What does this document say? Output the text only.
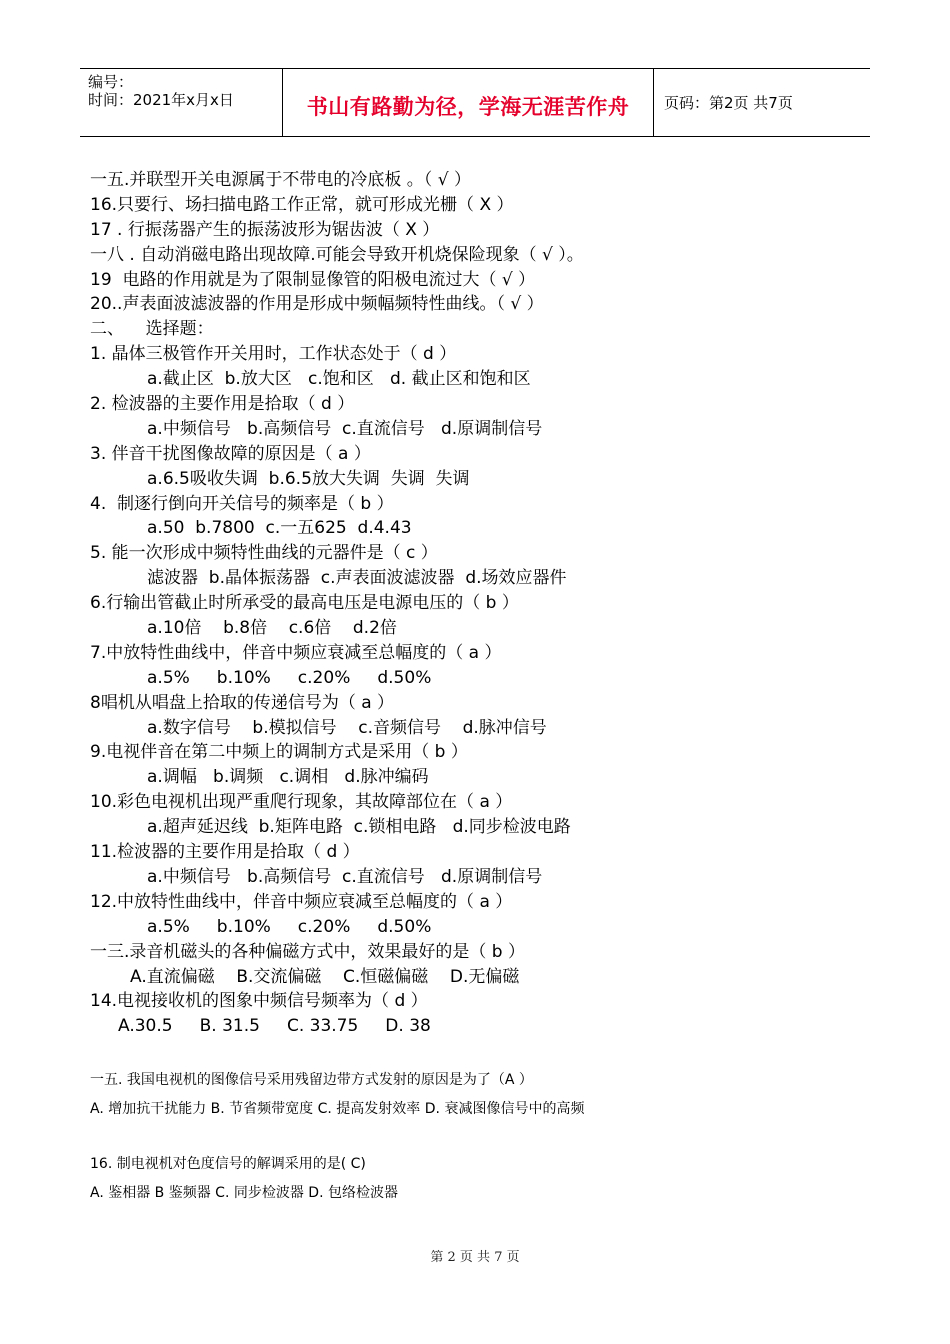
编号：
时间：2021年x月x日	书山有路勤为径，学海无涯苦作舟 页码：第2页 共7页
一五.并联型开关电源属于不带电的冷底板 。（ √ ）
16.只要行、场扫描电路工作正常，就可形成光栅（ X ）
17 . 行振荡器产生的振荡波形为锯齿波（ X ）
一八 . 自动消磁电路出现故障.可能会导致开机烧保险现象（ √ ）。
19  电路的作用就是为了限制显像管的阳极电流过大（ √ ）
20..声表面波滤波器的作用是形成中频幅频特性曲线。（ √ ）
二、    选择题：
1. 晶体三极管作开关用时，工作状态处于（ d ）
a.截止区  b.放大区   c.饱和区   d. 截止区和饱和区
2. 检波器的主要作用是拾取（ d ）
a.中频信号   b.高频信号  c.直流信号   d.原调制信号
3. 伴音干扰图像故障的原因是（ a ）
a.6.5吸收失调  b.6.5放大失调  失调  失调
4.  制逐行倒向开关信号的频率是（ b ）
a.50  b.7800  c.一五625  d.4.43
5. 能一次形成中频特性曲线的元器件是（ c ）
滤波器  b.晶体振荡器  c.声表面波滤波器  d.场效应器件
6.行输出管截止时所承受的最高电压是电源电压的（ b ）
a.10倍    b.8倍    c.6倍    d.2倍
7.中放特性曲线中，伴音中频应衰减至总幅度的（ a ）
a.5%     b.10%     c.20%     d.50%
8唱机从唱盘上拾取的传递信号为（ a ）
a.数字信号    b.模拟信号    c.音频信号    d.脉冲信号
9.电视伴音在第二中频上的调制方式是采用（ b ）
a.调幅   b.调频   c.调相   d.脉冲编码
10.彩色电视机出现严重爬行现象，其故障部位在（ a ）
a.超声延迟线  b.矩阵电路  c.锁相电路   d.同步检波电路
11.检波器的主要作用是拾取（ d ）
a.中频信号   b.高频信号  c.直流信号   d.原调制信号
12.中放特性曲线中，伴音中频应衰减至总幅度的（ a ）
a.5%     b.10%     c.20%     d.50%
一三.录音机磁头的各种偏磁方式中，效果最好的是（ b ）
A.直流偏磁    B.交流偏磁    C.恒磁偏磁    D.无偏磁
14.电视接收机的图象中频信号频率为（ d ）
A.30.5     B. 31.5     C. 33.75     D. 38
一五. 我国电视机的图像信号采用残留边带方式发射的原因是为了（A ）
A. 增加抗干扰能力 B. 节省频带宽度 C. 提高发射效率 D. 衰减图像信号中的高频
16. 制电视机对色度信号的解调采用的是( C)
A. 鉴相器 B 鉴频器 C. 同步检波器 D. 包络检波器
第 2 页 共 7 页
